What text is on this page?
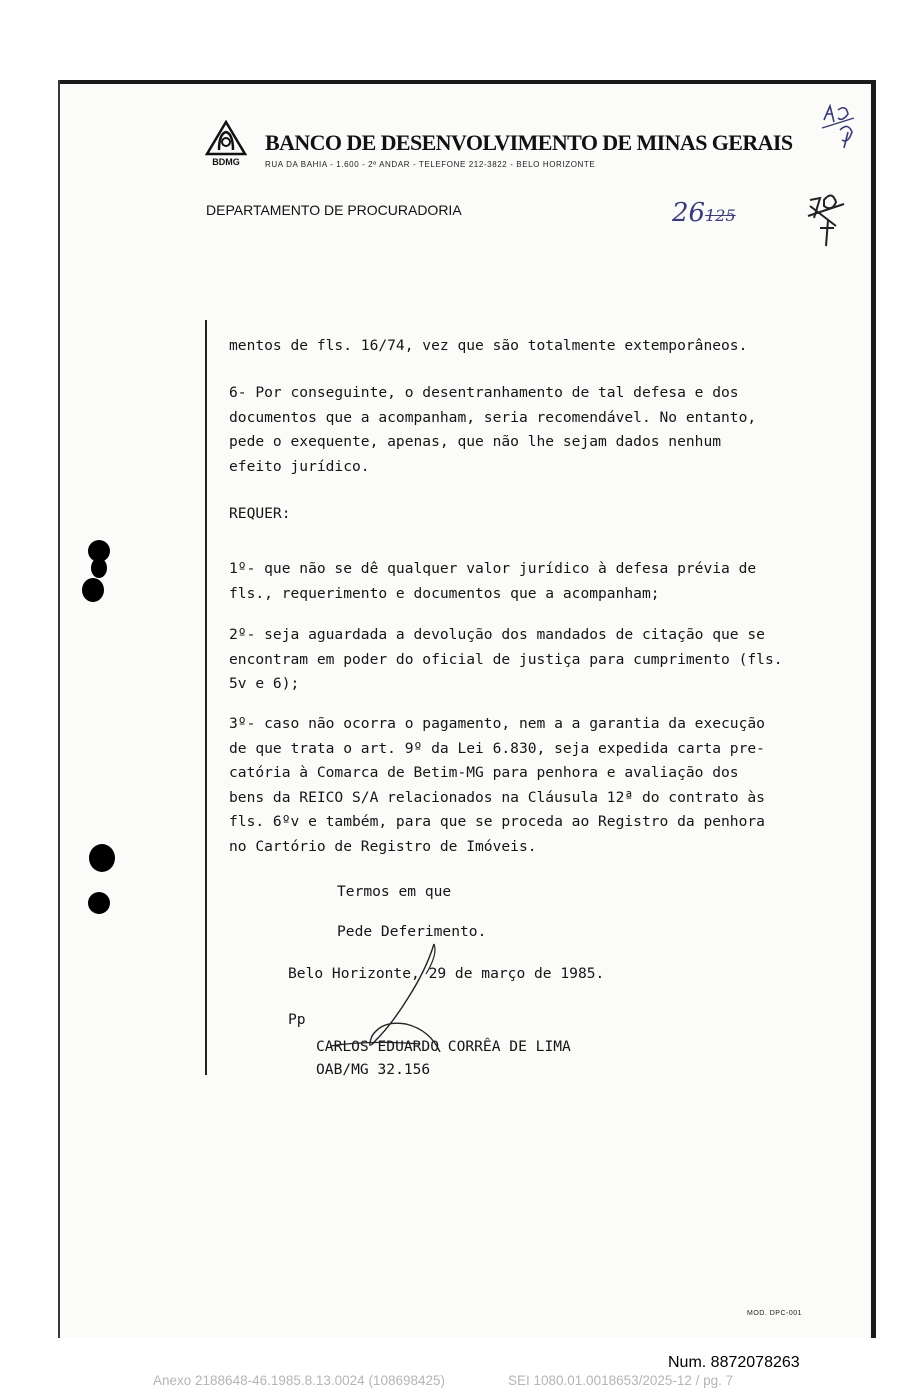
BDMG
BANCO DE DESENVOLVIMENTO DE MINAS GERAIS
RUA DA BAHIA - 1.600 - 2º ANDAR - TELEFONE 212-3822 - BELO HORIZONTE
DEPARTAMENTO DE PROCURADORIA	26125
mentos de fls. 16/74, vez que são totalmente extemporâneos.
6- Por conseguinte, o desentranhamento de tal defesa e dos
documentos que a acompanham, seria recomendável. No entanto,
pede o exequente, apenas, que não lhe sejam dados nenhum
efeito jurídico.
REQUER:
1º- que não se dê qualquer valor jurídico à defesa prévia de
fls., requerimento e documentos que a acompanham;
2º- seja aguardada a devolução dos mandados de citação que se
encontram em poder do oficial de justiça para cumprimento (fls.
5v e 6);
3º- caso não ocorra o pagamento, nem a a garantia da execução
de que trata o art. 9º da Lei 6.830, seja expedida carta pre-
catória à Comarca de Betim-MG para penhora e avaliação dos
bens da REICO S/A relacionados na Cláusula 12ª do contrato às
fls. 6ºv e também, para que se proceda ao Registro da penhora
no Cartório de Registro de Imóveis.
Termos em que
Pede Deferimento.
Belo Horizonte, 29 de março de 1985.
Pp
CARLOS EDUARDO CORRÊA DE LIMA
OAB/MG 32.156
MOD. DPC-001
Num. 8872078263
Anexo 2188648-46.1985.8.13.0024 (108698425)	SEI 1080.01.0018653/2025-12 / pg. 7
